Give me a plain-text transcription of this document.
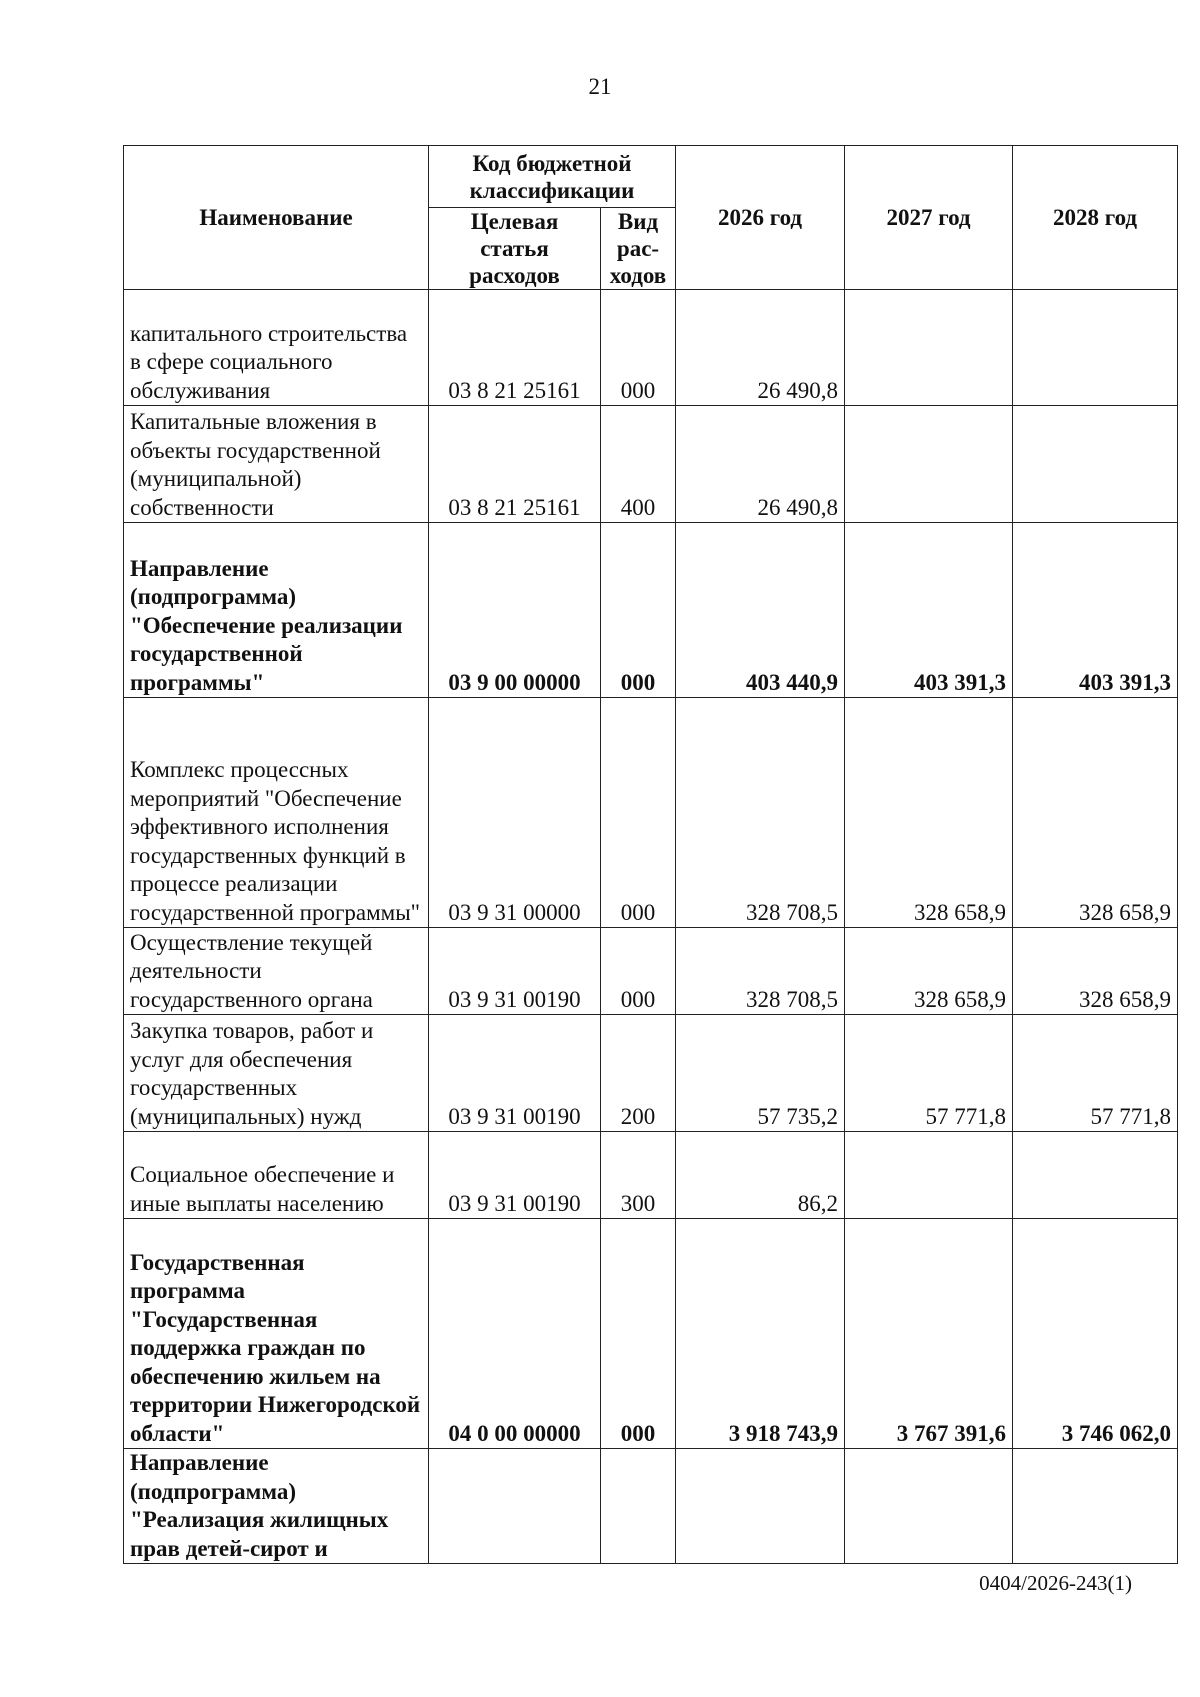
21
Наименование	Код бюджетной классификации		2026 год	2027 год	2028 год
	Целевая статья расходов	Вид рас-ходов			
капитального строительства в сфере социального обслуживания	03 8 21 25161	000	26 490,8		
Капитальные вложения в объекты государственной (муниципальной) собственности	03 8 21 25161	400	26 490,8		
Направление (подпрограмма) "Обеспечение реализации государственной программы"	03 9 00 00000	000	403 440,9	403 391,3	403 391,3
Комплекс процессных мероприятий "Обеспечение эффективного исполнения государственных функций в процессе реализации государственной программы"	03 9 31 00000	000	328 708,5	328 658,9	328 658,9
Осуществление текущей деятельности государственного органа	03 9 31 00190	000	328 708,5	328 658,9	328 658,9
Закупка товаров, работ и услуг для обеспечения государственных (муниципальных) нужд	03 9 31 00190	200	57 735,2	57 771,8	57 771,8
Социальное обеспечение и иные выплаты населению	03 9 31 00190	300	86,2		
Государственная программа "Государственная поддержка граждан по обеспечению жильем на территории Нижегородской области"	04 0 00 00000	000	3 918 743,9	3 767 391,6	3 746 062,0
Направление (подпрограмма) "Реализация жилищных прав детей-сирот и					
0404/2026-243(1)
